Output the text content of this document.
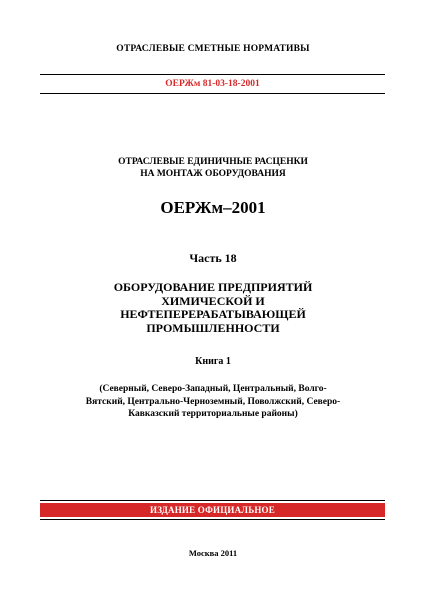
ОТРАСЛЕВЫЕ СМЕТНЫЕ НОРМАТИВЫ
ОЕРЖм 81-03-18-2001
ОТРАСЛЕВЫЕ ЕДИНИЧНЫЕ РАСЦЕНКИ
НА МОНТАЖ ОБОРУДОВАНИЯ
ОЕРЖм–2001
Часть 18
ОБОРУДОВАНИЕ ПРЕДПРИЯТИЙ
ХИМИЧЕСКОЙ И
НЕФТЕПЕРЕРАБАТЫВАЮЩЕЙ
ПРОМЫШЛЕННОСТИ
Книга 1
(Северный, Северо-Западный, Центральный, Волго-
Вятский, Центрально-Черноземный, Поволжский, Северо-
Кавказский территориальные районы)
ИЗДАНИЕ ОФИЦИАЛЬНОЕ
Москва 2011
